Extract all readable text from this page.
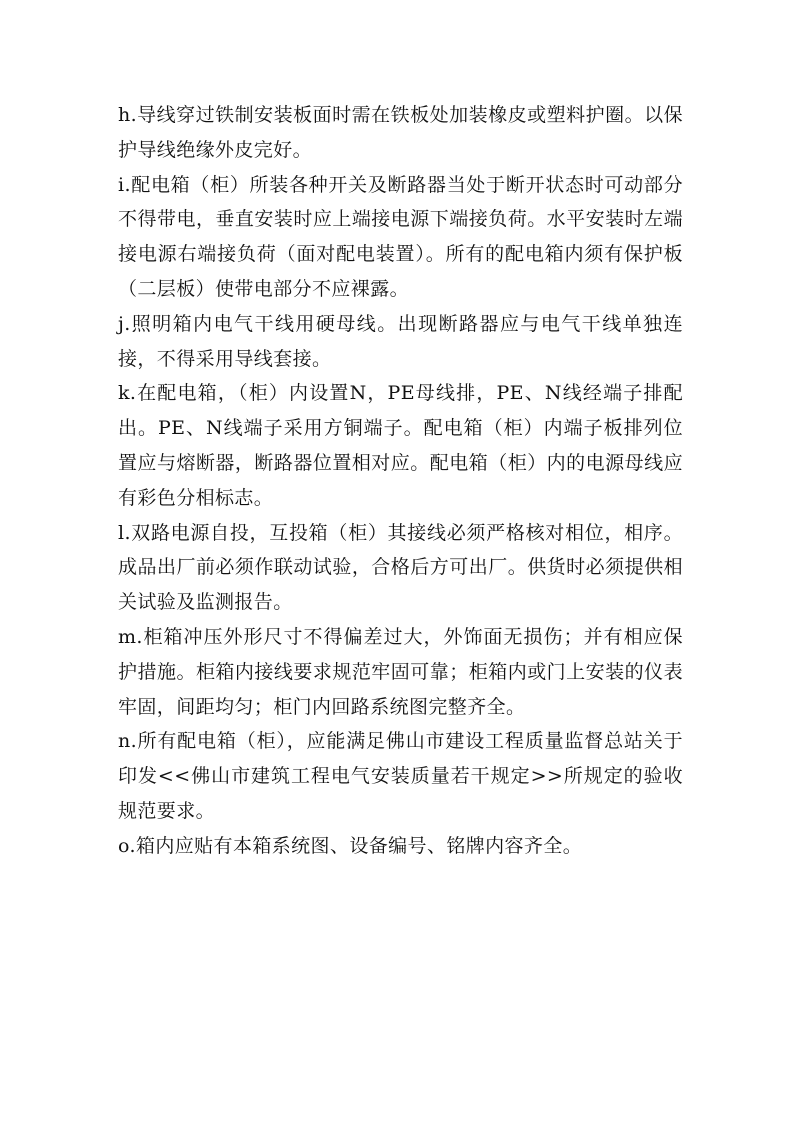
h.导线穿过铁制安装板面时需在铁板处加装橡皮或塑料护圈。以保护导线绝缘外皮完好。

i.配电箱（柜）所装各种开关及断路器当处于断开状态时可动部分不得带电，垂直安装时应上端接电源下端接负荷。水平安装时左端接电源右端接负荷（面对配电装置）。所有的配电箱内须有保护板（二层板）使带电部分不应裸露。

j.照明箱内电气干线用硬母线。出现断路器应与电气干线单独连接，不得采用导线套接。

k.在配电箱，（柜）内设置N，PE母线排，PE、N线经端子排配出。PE、N线端子采用方铜端子。配电箱（柜）内端子板排列位置应与熔断器，断路器位置相对应。配电箱（柜）内的电源母线应有彩色分相标志。

l.双路电源自投，互投箱（柜）其接线必须严格核对相位，相序。成品出厂前必须作联动试验，合格后方可出厂。供货时必须提供相关试验及监测报告。

m.柜箱冲压外形尺寸不得偏差过大，外饰面无损伤；并有相应保护措施。柜箱内接线要求规范牢固可靠；柜箱内或门上安装的仪表牢固，间距均匀；柜门内回路系统图完整齐全。

n.所有配电箱（柜），应能满足佛山市建设工程质量监督总站关于印发<<佛山市建筑工程电气安装质量若干规定>>所规定的验收规范要求。

o.箱内应贴有本箱系统图、设备编号、铭牌内容齐全。
